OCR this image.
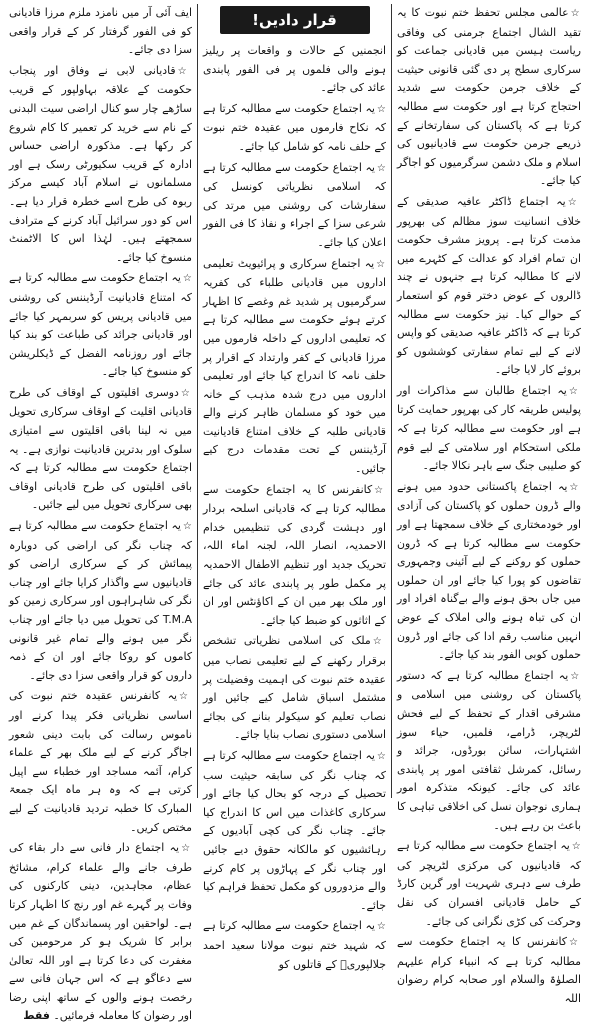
☆عالمی مجلس تحفظ ختم نبوت کا یہ تقید الشال اجتماع جرمنی کی وفاقی ریاست ہیسن میں قادیانی جماعت کو سرکاری سطح پر دی گئی قانونی حیثیت کے خلاف جرمن حکومت سے شدید احتجاج کرتا ہے اور حکومت سے مطالبہ کرتا ہے کہ پاکستان کی سفارتخانے کے ذریعے جرمن حکومت سے قادیانیوں کی اسلام و ملک دشمن سرگرمیوں کو اجاگر کیا جائے۔

☆یہ اجتماع ڈاکٹر عافیہ صدیقی کے خلاف انسانیت سوز مظالم کی بھرپور مذمت کرتا ہے۔ پرویز مشرف حکومت ان تمام افراد کو عدالت کے کٹہرے میں لانے کا مطالبہ کرتا ہے جنہوں نے چند ڈالروں کے عوض دختر قوم کو استعمار کے حوالے کیا۔ نیز حکومت سے مطالبہ کرتا ہے کہ ڈاکٹر عافیہ صدیقی کو واپس لانے کے لیے تمام سفارتی کوششوں کو بروئے کار لایا جائے۔

☆یہ اجتماع طالبان سے مذاکرات اور پولیس طریقہ کار کی بھرپور حمایت کرتا ہے اور حکومت سے مطالبہ کرتا ہے کہ ملکی استحکام اور سلامتی کے لیے قوم کو صلیبی جنگ سے باہر نکالا جائے۔

☆یہ اجتماع پاکستانی حدود میں ہونے والے ڈرون حملوں کو پاکستان کی آزادی اور خودمختاری کے خلاف سمجھتا ہے اور حکومت سے مطالبہ کرتا ہے کہ ڈرون حملوں کو روکنے کے لیے آئینی وجمہوری تقاضوں کو پورا کیا جائے اور ان حملوں میں جاں بحق ہونے والے بےگناہ افراد اور ان کی تباہ ہونے والی املاک کے عوض انہیں مناسب رقم ادا کی جائے اور ڈرون حملوں کوبی الفور بند کیا جائے۔

☆یہ اجتماع مطالبہ کرتا ہے کہ دستور پاکستان کی روشنی میں اسلامی و مشرقی اقدار کے تحفظ کے لیے فحش لٹریچر، ڈرامے، فلمیں، حیاء سوز اشتہارات، سائن بورڈوں، جرائد و رسائل، کمرشل ثقافتی امور پر پابندی عائد کی جائے۔ کیونکہ متذکرہ امور ہماری نوجوان نسل کی اخلاقی تباہی کا باعث بن رہے ہیں۔

☆یہ اجتماع حکومت سے مطالبہ کرتا ہے کہ قادیانیوں کی مرکزی لٹریچر کی طرف سے دہری شہریت اور گرین کارڈ کے حامل قادیانی افسران کی نقل وحرکت کی کڑی نگرانی کی جائے۔

☆کانفرنس کا یہ اجتماع حکومت سے مطالبہ کرتا ہے کہ انبیاء کرام علیہم الصلوٰۃ والسلام اور صحابہ کرام رضوان اللہ

قرار دادیں!

انجمنیں کے حالات و واقعات پر ریلیز ہونے والی فلموں پر فی الفور پابندی عائد کی جائے۔

☆یہ اجتماع حکومت سے مطالبہ کرتا ہے کہ نکاح فارموں میں عقیدہ ختم نبوت کے حلف نامہ کو شامل کیا جائے۔

☆یہ اجتماع حکومت سے مطالبہ کرتا ہے کہ اسلامی نظریاتی کونسل کی سفارشات کی روشنی میں مرتد کی شرعی سزا کے اجراء و نفاذ کا فی الفور اعلان کیا جائے۔

☆یہ اجتماع سرکاری و پرائیویٹ تعلیمی اداروں میں قادیانی طلباء کی کفریہ سرگرمیوں پر شدید غم وغصے کا اظہار کرتے ہوئے حکومت سے مطالبہ کرتا ہے کہ تعلیمی اداروں کے داخلہ فارموں میں مرزا قادیانی کے کفر وارتداد کے اقرار پر حلف نامہ کا اندراج کیا جائے اور تعلیمی اداروں میں درج شدہ مذہب کے خانہ میں خود کو مسلمان ظاہر کرنے والے قادیانی طلبہ کے خلاف امتناع قادیانیت آرڈیننس کے تحت مقدمات درج کیے جائیں۔

☆کانفرنس کا یہ اجتماع حکومت سے مطالبہ کرتا ہے کہ قادیانی اسلحہ بردار اور دہشت گردی کی تنظیمیں خدام الاحمدیہ، انصار اللہ، لجنہ اماء اللہ، تحریک جدید اور تنظیم الاطفال الاحمدیہ پر مکمل طور پر پابندی عائد کی جائے اور ملک بھر میں ان کے اکاؤنٹس اور ان کے اثاثوں کو ضبط کیا جائے۔

☆ملک کی اسلامی نظریاتی تشخص برقرار رکھنے کے لیے تعلیمی نصاب میں عقیدہ ختم نبوت کی اہمیت وفضیلت پر مشتمل اسباق شامل کیے جائیں اور نصاب تعلیم کو سیکولر بنانے کی بجائے اسلامی دستوری نصاب بنایا جائے۔

☆یہ اجتماع حکومت سے مطالبہ کرتا ہے کہ چناب نگر کی سابقہ حیثیت سب تحصیل کے درجہ کو بحال کیا جائے اور سرکاری کاغذات میں اس کا اندراج کیا جائے۔ چناب نگر کی کچی آبادیوں کے رہائشیوں کو مالکانہ حقوق دیے جائیں اور چناب نگر کے پہاڑوں پر کام کرنے والے مزدوروں کو مکمل تحفظ فراہم کیا جائے۔

☆یہ اجتماع حکومت سے مطالبہ کرتا ہے کہ شہید ختم نبوت مولانا سعید احمد جلالپوریؒ کے قاتلوں کو

ایف آئی آر میں نامزد ملزم مرزا قادیانی کو فی الفور گرفتار کر کے قرار واقعی سزا دی جائے۔

☆قادیانی لابی نے وفاق اور پنجاب حکومت کے علاقہ بہاولپور کے قریب ساڑھے چار سو کنال اراضی سیت البدنی کے نام سے خرید کر تعمیر کا کام شروع کر رکھا ہے۔ مذکورہ اراضی حساس ادارہ کے قریب سکیورٹی رسک ہے اور مسلمانوں نے اسلام آباد کیسے مرکز ربوہ کی طرح اسے خطرہ قرار دیا ہے۔ اس کو دور سرائیل آباد کرنے کے مترادف سمجھتے ہیں۔ لہٰذا اس کا الاٹمنٹ منسوخ کیا جائے۔

☆یہ اجتماع حکومت سے مطالبہ کرتا ہے کہ امتناع قادیانیت آرڈیننس کی روشنی میں قادیانی پریس کو سربمہر کیا جائے اور قادیانی جرائد کی طباعت کو بند کیا جائے اور روزنامہ الفضل کے ڈیکلریشن کو منسوخ کیا جائے۔

☆دوسری اقلیتوں کے اوقاف کی طرح قادیانی اقلیت کے اوقاف سرکاری تحویل میں نہ لینا باقی اقلیتوں سے امتیازی سلوک اور بدترین قادیانیت نوازی ہے۔ یہ اجتماع حکومت سے مطالبہ کرتا ہے کہ باقی اقلیتوں کی طرح قادیانی اوقاف بھی سرکاری تحویل میں لیے جائیں۔

☆یہ اجتماع حکومت سے مطالبہ کرتا ہے کہ چناب نگر کی اراضی کی دوبارہ پیمائش کر کے سرکاری اراضی کو قادیانیوں سے واگذار کرایا جائے اور چناب نگر کی شاہراہوں اور سرکاری زمین کو T.M.A کی تحویل میں دیا جائے اور چناب نگر میں ہونے والے تمام غیر قانونی کاموں کو روکا جائے اور ان کے ذمہ داروں کو قرار واقعی سزا دی جائے۔

☆یہ کانفرنس عقیدہ ختم نبوت کی اساسی نظریاتی فکر پیدا کرنے اور ناموس رسالت کی بابت دینی شعور اجاگر کرنے کے لیے ملک بھر کے علماء کرام، آئمہ مساجد اور خطباء سے اپیل کرتی ہے کہ وہ ہر ماہ ایک جمعۃ المبارک کا خطبہ تردید قادیانیت کے لیے مختص کریں۔

☆یہ اجتماع دار فانی سے دار بقاء کی طرف جانے والے علماء کرام، مشائخ عظام، مجاہدین، دینی کارکنوں کی وفات پر گہرے غم اور رنج کا اظہار کرتا ہے۔ لواحقین اور پسماندگان کے غم میں برابر کا شریک ہو کر مرحومین کی مغفرت کی دعا کرتا ہے اور اللہ تعالیٰ سے دعاگو ہے کہ اس جہان فانی سے رخصت ہونے والوں کے ساتھ اپنی رضا اور رضوان کا معاملہ فرمائیں۔ فقط
